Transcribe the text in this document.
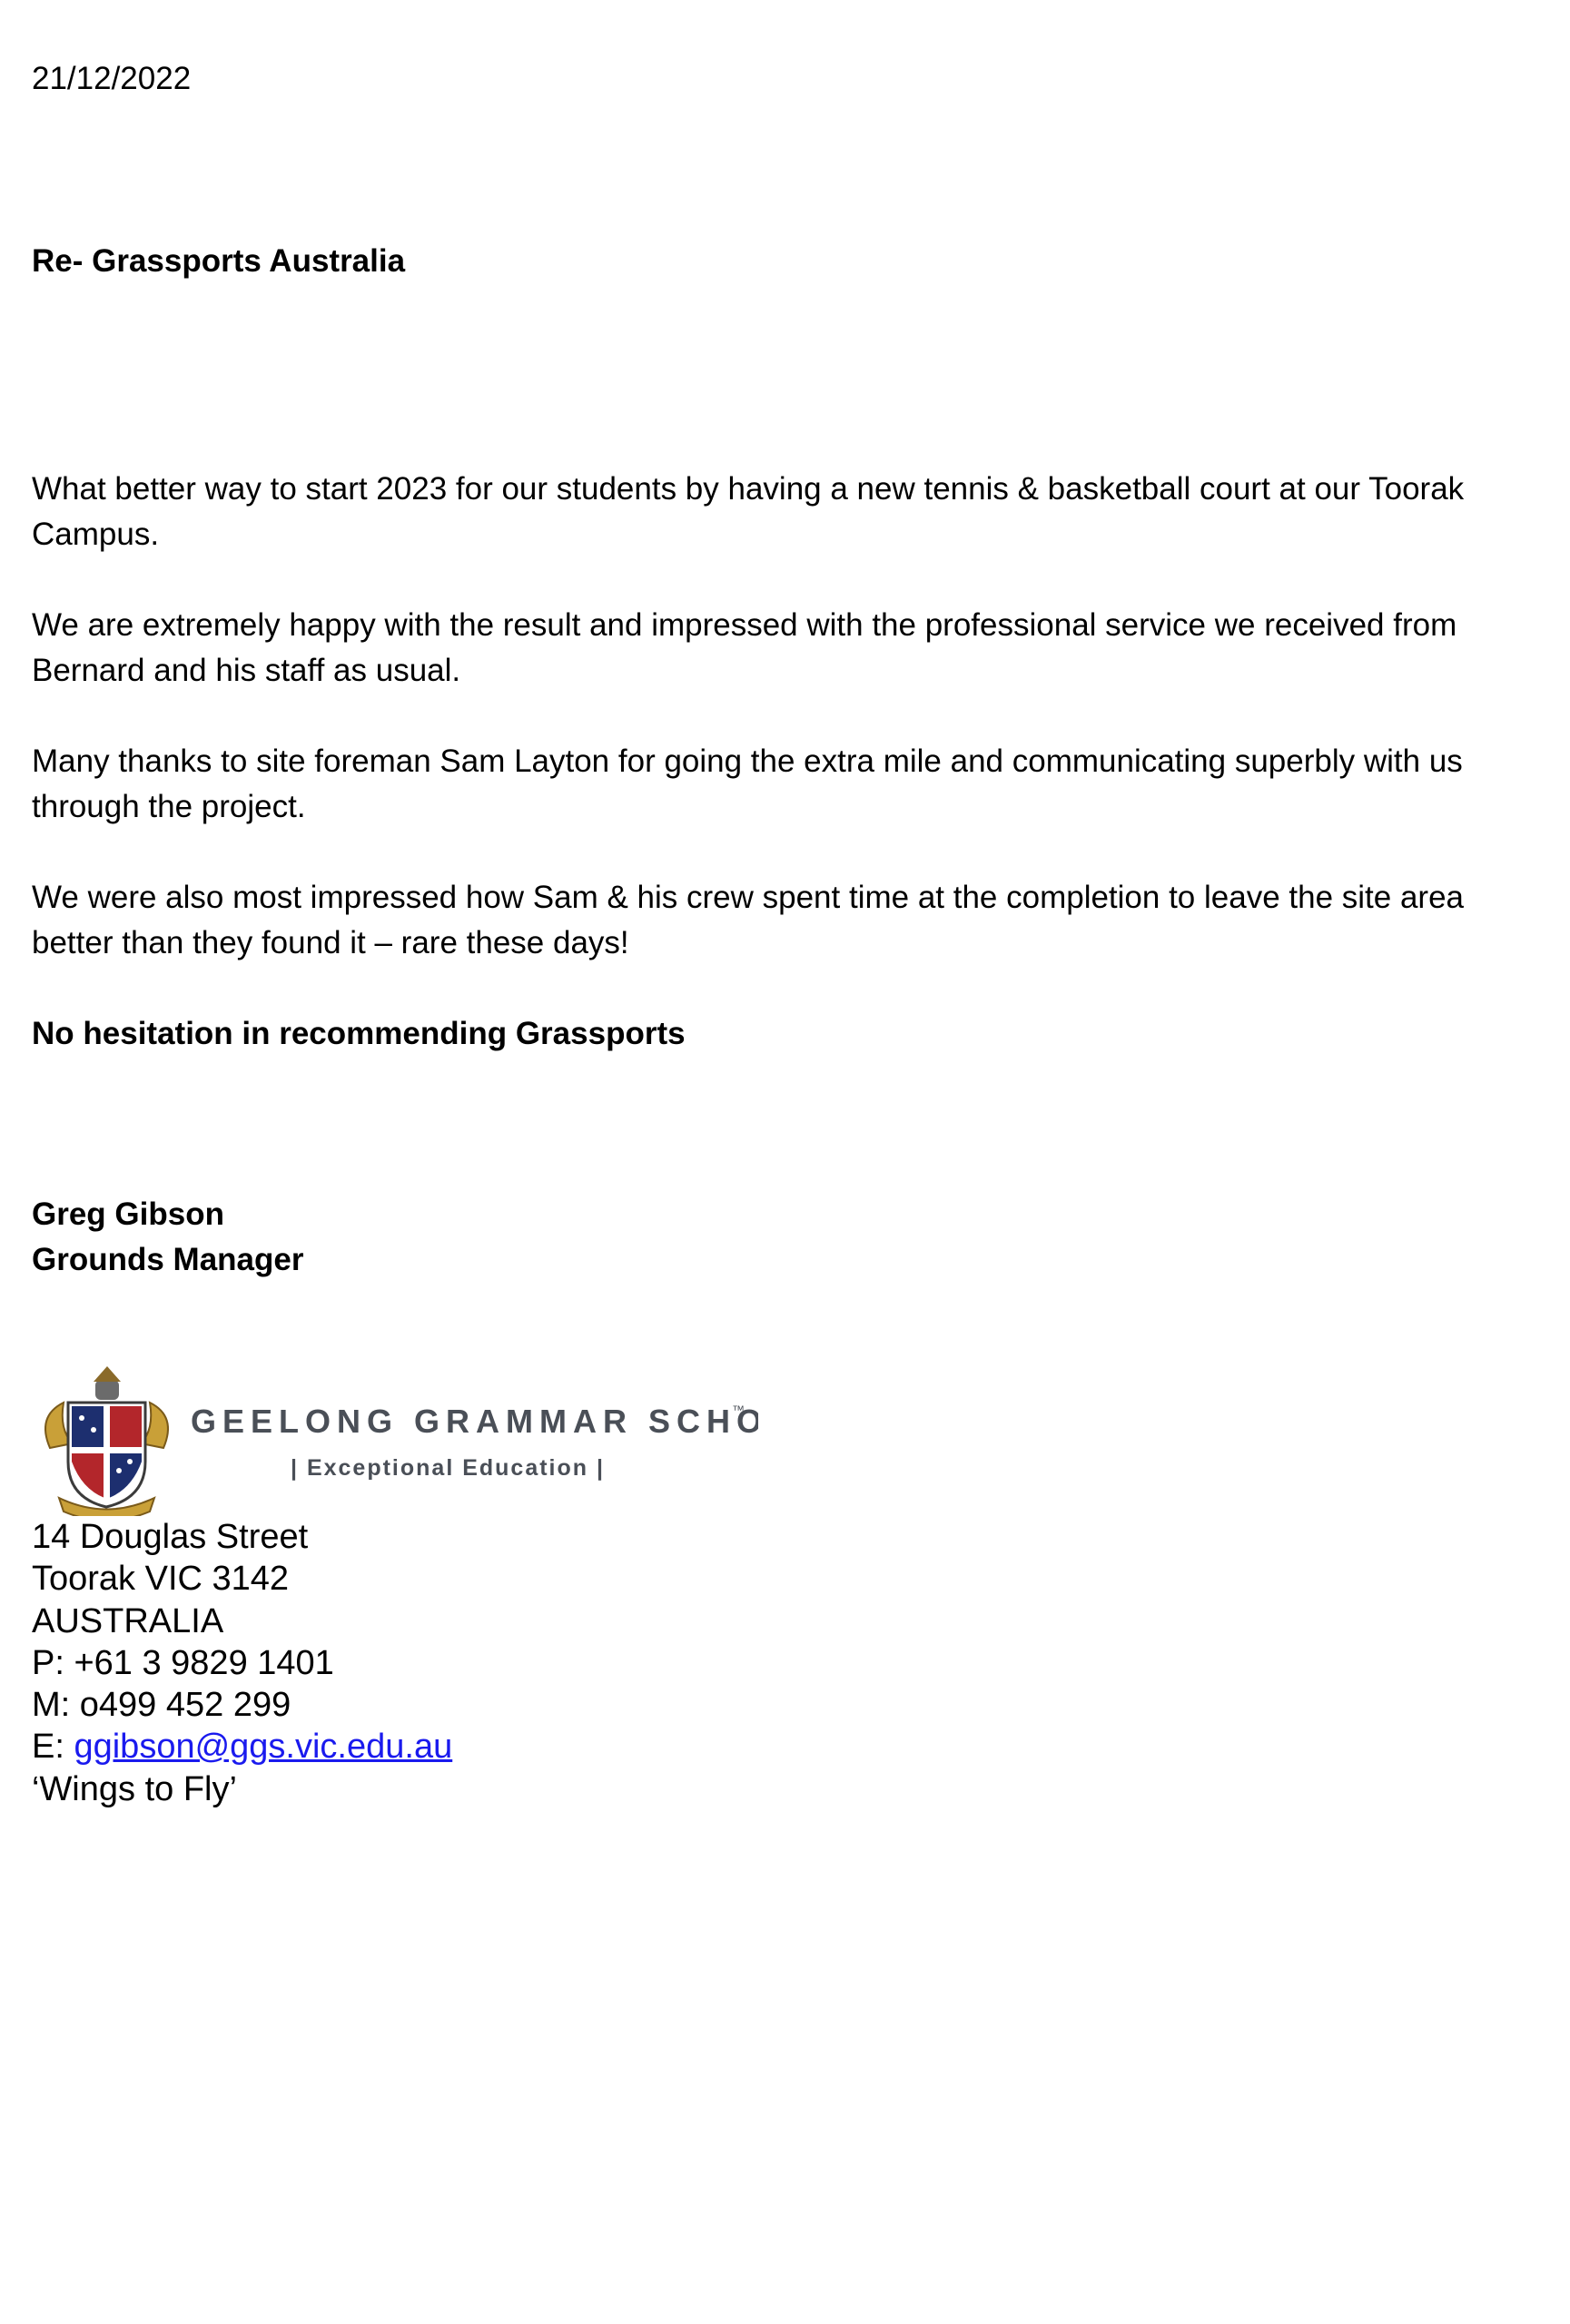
21/12/2022
Re- Grassports Australia
What better way to start 2023 for our students by having a new tennis & basketball court at our Toorak Campus.
We are extremely happy with the result and impressed with the professional service we received from Bernard and his staff as usual.
Many thanks to site foreman Sam Layton for going the extra mile and communicating superbly with us through the project.
We were also most impressed how Sam & his crew spent time at the completion to leave the site area better than they found it – rare these days!
No hesitation in recommending Grassports
Greg Gibson
Grounds Manager
GEELONG GRAMMAR SCHO
™
| Exceptional Education |
14 Douglas Street
Toorak VIC 3142
AUSTRALIA
P: +61 3 9829 1401
M: o499 452 299
E: ggibson@ggs.vic.edu.au
‘Wings to Fly’
